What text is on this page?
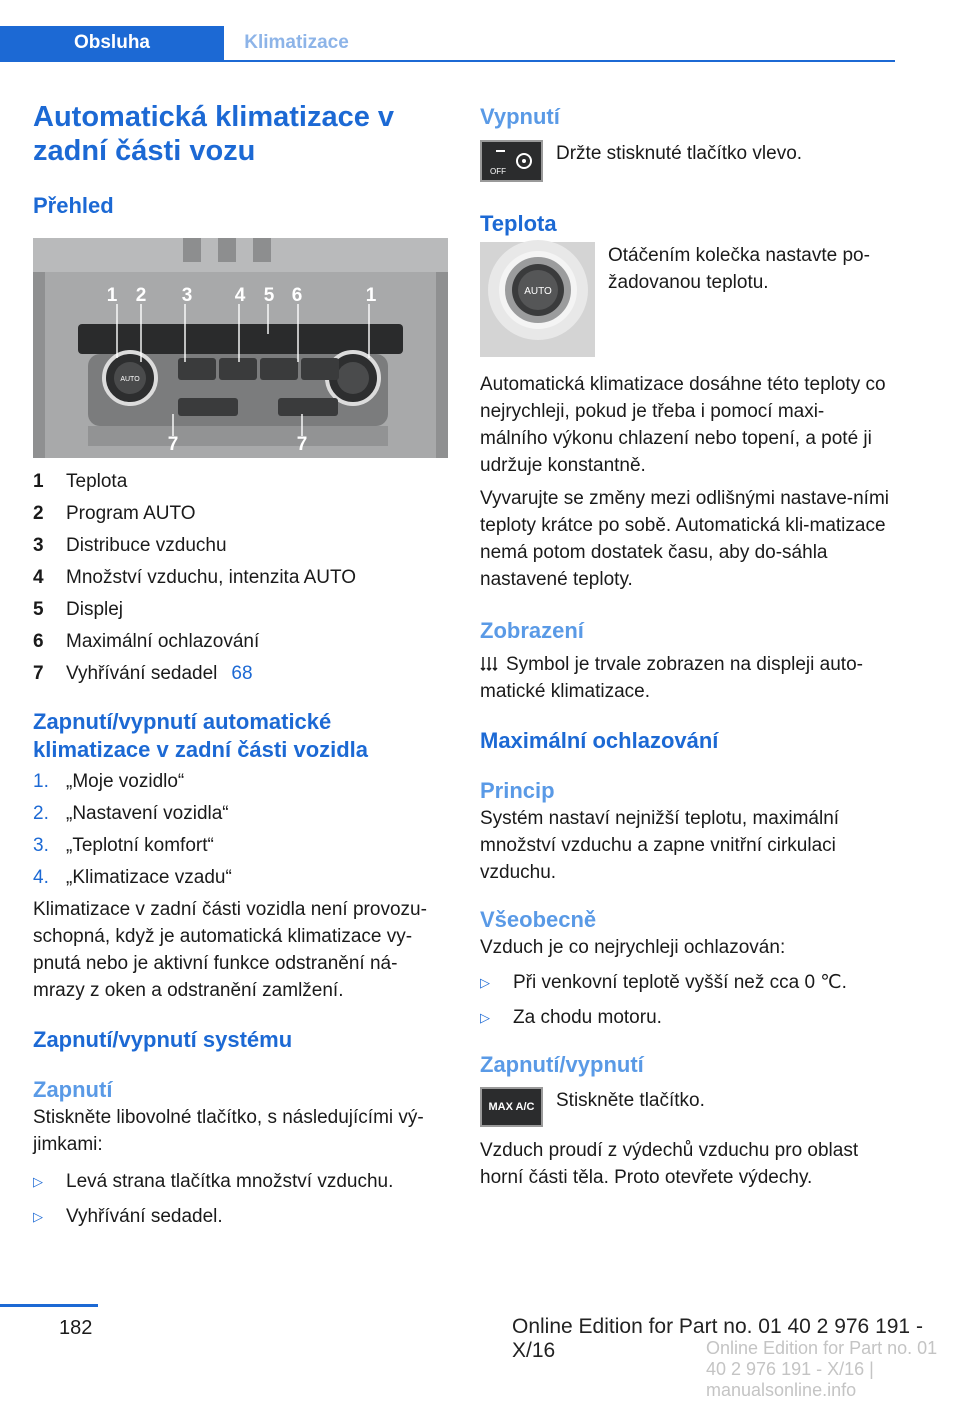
Obsluha	Klimatizace
Automatická klimatizace v zadní části vozu
Přehled
AUTO
1 2 3 4 5 6	1
7	7
1	Teplota
2	Program AUTO
3	Distribuce vzduchu
4	Množství vzduchu, intenzita AUTO
5	Displej
6	Maximální ochlazování
7	Vyhřívání sedadel 68
Zapnutí/vypnutí automatické klimatizace v zadní části vozidla
1. „Moje vozidlo“
2. „Nastavení vozidla“
3. „Teplotní komfort“
4. „Klimatizace vzadu“
Klimatizace v zadní části vozidla není provozu-schopná, když je automatická klimatizace vy-pnutá nebo je aktivní funkce odstranění ná-mrazy z oken a odstranění zamlžení.
Zapnutí/vypnutí systému
Zapnutí
Stiskněte libovolné tlačítko, s následujícími vý-jimkami:
▷	Levá strana tlačítka množství vzduchu.
▷	Vyhřívání sedadel.
Vypnutí
OFF
Držte stisknuté tlačítko vlevo.
Teplota
AUTO
Otáčením kolečka nastavte po-žadovanou teplotu.
Automatická klimatizace dosáhne této teploty co nejrychleji, pokud je třeba i pomocí maxi-málního výkonu chlazení nebo topení, a poté ji udržuje konstantně.
Vyvarujte se změny mezi odlišnými nastave-ními teploty krátce po sobě. Automatická kli-matizace nemá potom dostatek času, aby do-sáhla nastavené teploty.
Zobrazení
Symbol je trvale zobrazen na displeji auto-matické klimatizace.
Maximální ochlazování
Princip
Systém nastaví nejnižší teplotu, maximální množství vzduchu a zapne vnitřní cirkulaci vzduchu.
Všeobecně
Vzduch je co nejrychleji ochlazován:
▷	Při venkovní teplotě vyšší než cca 0 ℃.
▷	Za chodu motoru.
Zapnutí/vypnutí
MAX A/C Stiskněte tlačítko.
Vzduch proudí z výdechů vzduchu pro oblast horní části těla. Proto otevřete výdechy.
182	Online Edition for Part no. 01 40 2 976 191 - X/16	Online Edition for Part no. 01 40 2 976 191 - X/16 | manualsonline.info
